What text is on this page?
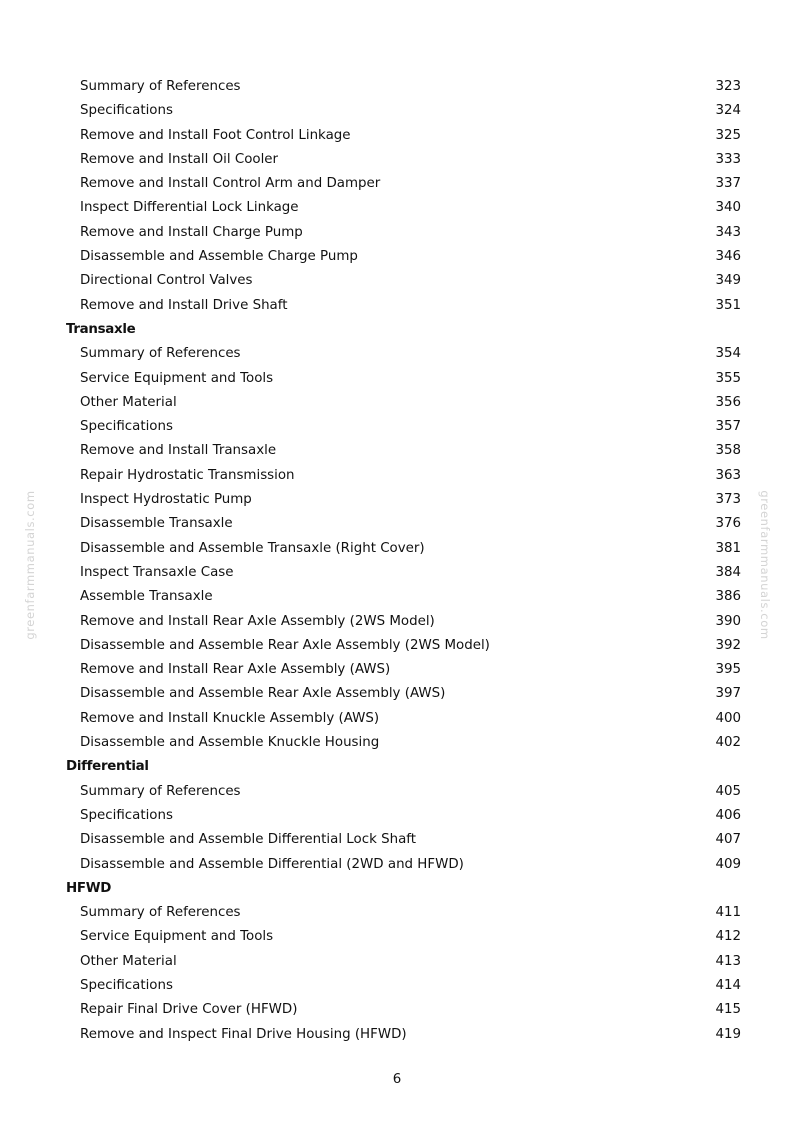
greenfarmmanuals.com	greenfarmmanuals.com
Summary of References	323
Specifications	324
Remove and Install Foot Control Linkage	325
Remove and Install Oil Cooler	333
Remove and Install Control Arm and Damper	337
Inspect Differential Lock Linkage	340
Remove and Install Charge Pump	343
Disassemble and Assemble Charge Pump	346
Directional Control Valves	349
Remove and Install Drive Shaft	351
Transaxle
Summary of References	354
Service Equipment and Tools	355
Other Material	356
Specifications	357
Remove and Install Transaxle	358
Repair Hydrostatic Transmission	363
Inspect Hydrostatic Pump	373
Disassemble Transaxle	376
Disassemble and Assemble Transaxle (Right Cover)	381
Inspect Transaxle Case	384
Assemble Transaxle	386
Remove and Install Rear Axle Assembly (2WS Model)	390
Disassemble and Assemble Rear Axle Assembly (2WS Model)	392
Remove and Install Rear Axle Assembly (AWS)	395
Disassemble and Assemble Rear Axle Assembly (AWS)	397
Remove and Install Knuckle Assembly (AWS)	400
Disassemble and Assemble Knuckle Housing	402
Differential
Summary of References	405
Specifications	406
Disassemble and Assemble Differential Lock Shaft	407
Disassemble and Assemble Differential (2WD and HFWD)	409
HFWD
Summary of References	411
Service Equipment and Tools	412
Other Material	413
Specifications	414
Repair Final Drive Cover (HFWD)	415
Remove and Inspect Final Drive Housing (HFWD)	419
6
